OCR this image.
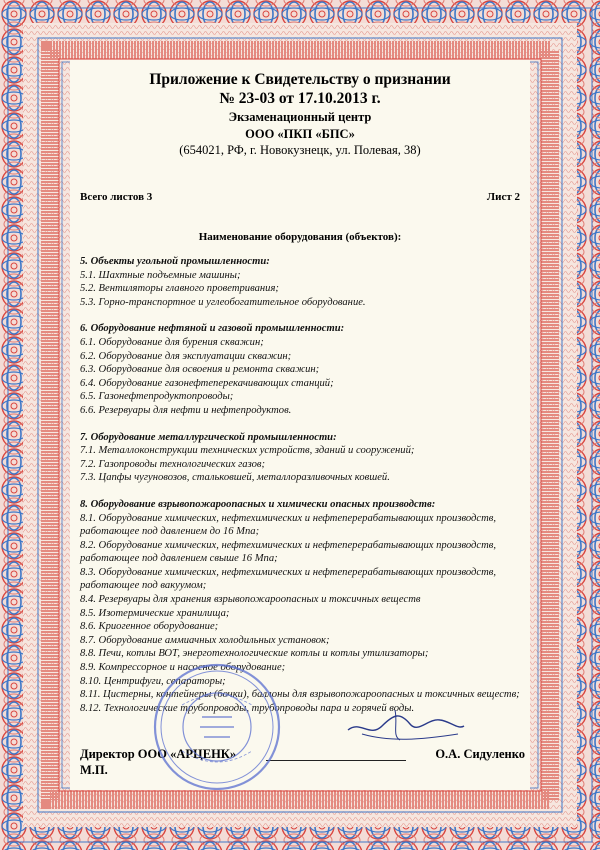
Приложение к Свидетельству о признании
№ 23-03 от 17.10.2013 г.
Экзаменационный центр
ООО «ПКП «БПС»
(654021, РФ, г. Новокузнецк, ул. Полевая, 38)
Всего листов 3	Лист 2
Наименование оборудования (объектов):
5. Объекты угольной промышленности:
5.1. Шахтные подъемные машины;
5.2. Вентиляторы главного проветривания;
5.3. Горно-транспортное и углеобогатительное оборудование.
6. Оборудование нефтяной и газовой промышленности:
6.1. Оборудование для бурения скважин;
6.2. Оборудование для эксплуатации скважин;
6.3. Оборудование для освоения и ремонта скважин;
6.4. Оборудование газонефтеперекачивающих станций;
6.5. Газонефтепродуктопроводы;
6.6. Резервуары для нефти и нефтепродуктов.
7. Оборудование металлургической промышленности:
7.1. Металлоконструкции технических устройств, зданий и сооружений;
7.2. Газопроводы технологических газов;
7.3. Цапфы чугуновозов, стальковшей, металлоразливочных ковшей.
8. Оборудование взрывопожароопасных и химически опасных производств:
8.1. Оборудование химических, нефтехимических и нефтеперерабатывающих производств, работающее под давлением до 16 Мпа;
8.2. Оборудование химических, нефтехимических и нефтеперерабатывающих производств, работающее под давлением свыше 16 Мпа;
8.3. Оборудование химических, нефтехимических и нефтеперерабатывающих производств, работающее под вакуумом;
8.4. Резервуары для хранения взрывопожароопасных и токсичных веществ
8.5. Изотермические хранилища;
8.6. Криогенное оборудование;
8.7. Оборудование аммиачных холодильных установок;
8.8. Печи, котлы ВОТ, энерготехнологические котлы и котлы утилизаторы;
8.9. Компрессорное и насосное оборудование;
8.10. Центрифуги, сепараторы;
8.11. Цистерны, контейнеры (бочки), баллоны для взрывопожароопасных и токсичных веществ;
8.12. Технологические трубопроводы, трубопроводы пара и горячей воды.
Директор ООО «АРЦЕНК»	О.А. Сидуленко
М.П.
